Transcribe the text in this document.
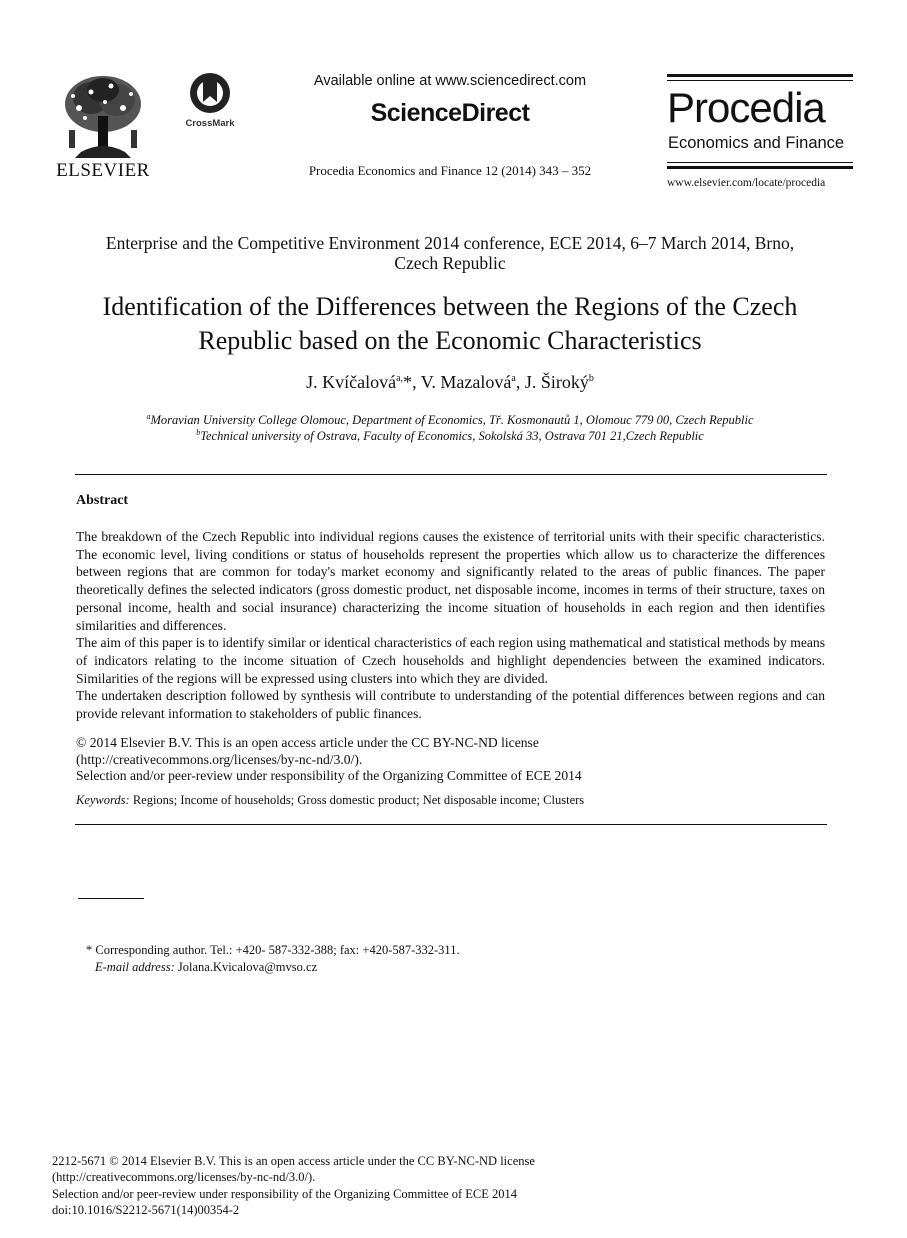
ELSEVIER
CrossMark
Available online at www.sciencedirect.com
ScienceDirect
Procedia Economics and Finance 12 (2014) 343 – 352
Procedia
Economics and Finance
www.elsevier.com/locate/procedia
Enterprise and the Competitive Environment 2014 conference, ECE 2014, 6–7 March 2014, Brno,
Czech Republic
Identification of the Differences between the Regions of the Czech
Republic based on the Economic Characteristics
J. Kvíčalová$^{a,}$*, V. Mazalová$^a$, J. Široký$^b$
$^a$Moravian University College Olomouc, Department of Economics, Tř. Kosmonautů 1, Olomouc 779 00, Czech Republic
$^b$Technical university of Ostrava, Faculty of Economics, Sokolská 33, Ostrava 701 21,Czech Republic
Abstract

The breakdown of the Czech Republic into individual regions causes the existence of territorial units with their specific characteristics. The economic level, living conditions or status of households represent the properties which allow us to characterize the differences between regions that are common for today's market economy and significantly related to the areas of public finances. The paper theoretically defines the selected indicators (gross domestic product, net disposable income, incomes in terms of their structure, taxes on personal income, health and social insurance) characterizing the income situation of households in each region and then identifies similarities and differences.

The aim of this paper is to identify similar or identical characteristics of each region using mathematical and statistical methods by means of indicators relating to the income situation of Czech households and highlight dependencies between the examined indicators. Similarities of the regions will be expressed using clusters into which they are divided.

The undertaken description followed by synthesis will contribute to understanding of the potential differences between regions and can provide relevant information to stakeholders of public finances.

© 2014 Elsevier B.V. This is an open access article under the CC BY-NC-ND license
(http://creativecommons.org/licenses/by-nc-nd/3.0/).
Selection and/or peer-review under responsibility of the Organizing Committee of ECE 2014
Keywords: Regions; Income of households; Gross domestic product; Net disposable income; Clusters
* Corresponding author. Tel.: +420- 587-332-388; fax: +420-587-332-311.
E-mail address: Jolana.Kvicalova@mvso.cz
2212-5671 © 2014 Elsevier B.V. This is an open access article under the CC BY-NC-ND license
(http://creativecommons.org/licenses/by-nc-nd/3.0/).
Selection and/or peer-review under responsibility of the Organizing Committee of ECE 2014
doi:10.1016/S2212-5671(14)00354-2
